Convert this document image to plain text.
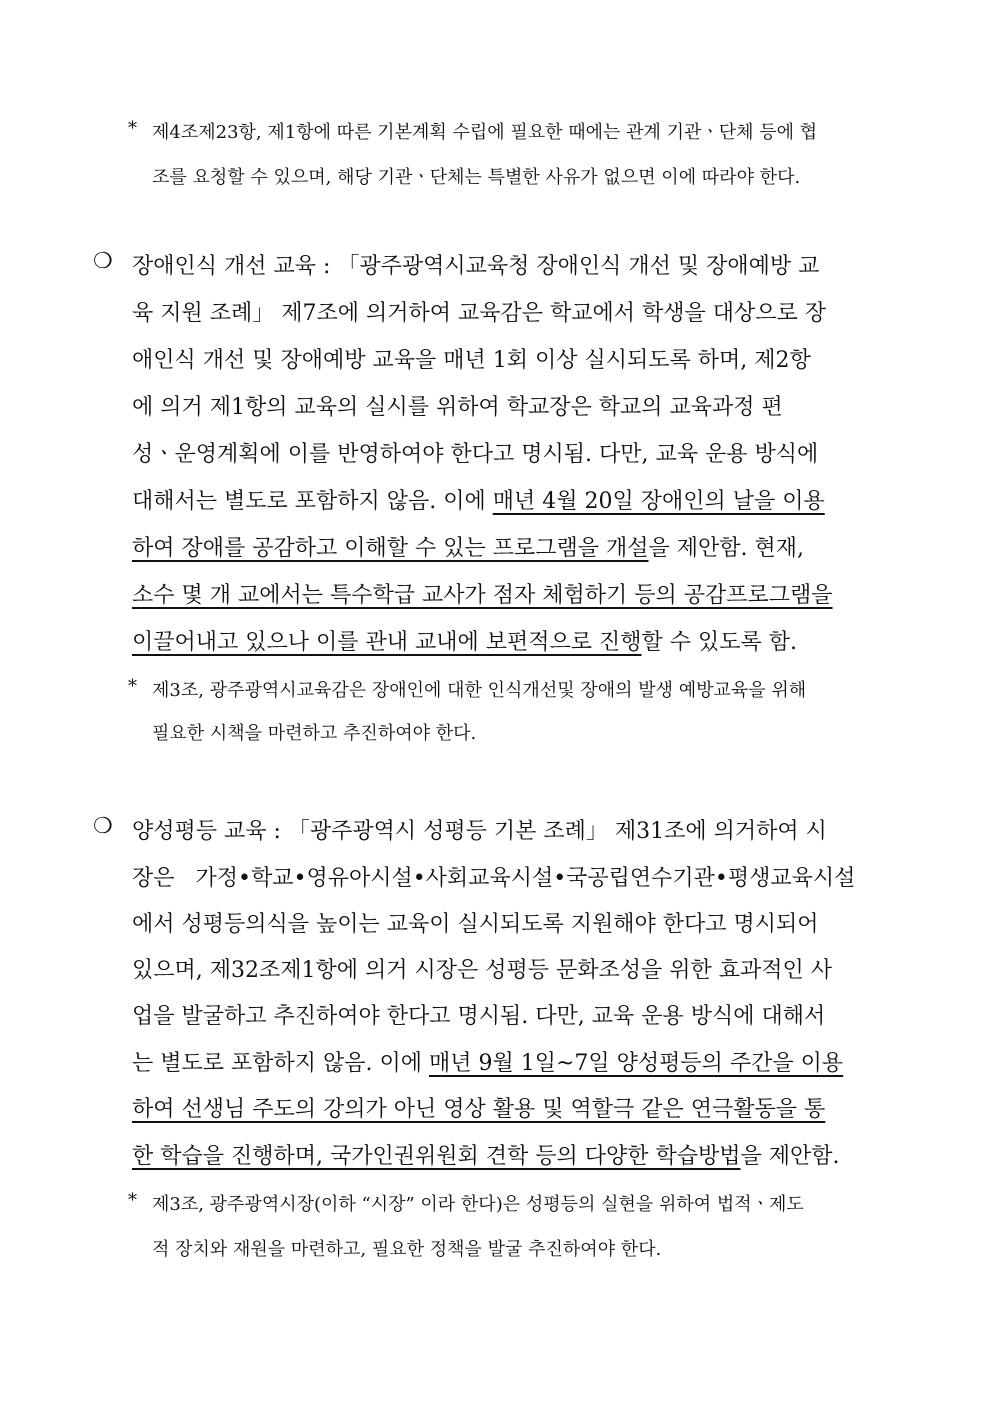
* 제4조제23항, 제1항에 따른 기본계획 수립에 필요한 때에는 관계 기관ㆍ단체 등에 협
조를 요청할 수 있으며, 해당 기관ㆍ단체는 특별한 사유가 없으면 이에 따라야 한다.
❍ 장애인식 개선 교육 : 「광주광역시교육청 장애인식 개선 및 장애예방 교
육 지원 조례」 제7조에 의거하여 교육감은 학교에서 학생을 대상으로 장
애인식 개선 및 장애예방 교육을 매년 1회 이상 실시되도록 하며, 제2항
에 의거 제1항의 교육의 실시를 위하여 학교장은 학교의 교육과정 편
성ㆍ운영계획에 이를 반영하여야 한다고 명시됨. 다만, 교육 운용 방식에
대해서는 별도로 포함하지 않음. 이에 매년 4월 20일 장애인의 날을 이용
하여 장애를 공감하고 이해할 수 있는 프로그램을 개설을 제안함. 현재,
소수 몇 개 교에서는 특수학급 교사가 점자 체험하기 등의 공감프로그램을
이끌어내고 있으나 이를 관내 교내에 보편적으로 진행할 수 있도록 함.
* 제3조, 광주광역시교육감은 장애인에 대한 인식개선및 장애의 발생 예방교육을 위해
필요한 시책을 마련하고 추진하여야 한다.
❍ 양성평등 교육 : 「광주광역시 성평등 기본 조례」 제31조에 의거하여 시
장은   가정•학교•영유아시설•사회교육시설•국공립연수기관•평생교육시설
에서 성평등의식을 높이는 교육이 실시되도록 지원해야 한다고 명시되어
있으며, 제32조제1항에 의거 시장은 성평등 문화조성을 위한 효과적인 사
업을 발굴하고 추진하여야 한다고 명시됨. 다만, 교육 운용 방식에 대해서
는 별도로 포함하지 않음. 이에 매년 9월 1일~7일 양성평등의 주간을 이용
하여 선생님 주도의 강의가 아닌 영상 활용 및 역할극 같은 연극활동을 통
한 학습을 진행하며, 국가인권위원회 견학 등의 다양한 학습방법을 제안함.
* 제3조, 광주광역시장(이하 “시장” 이라 한다)은 성평등의 실현을 위하여 법적ㆍ제도
적 장치와 재원을 마련하고, 필요한 정책을 발굴 추진하여야 한다.
